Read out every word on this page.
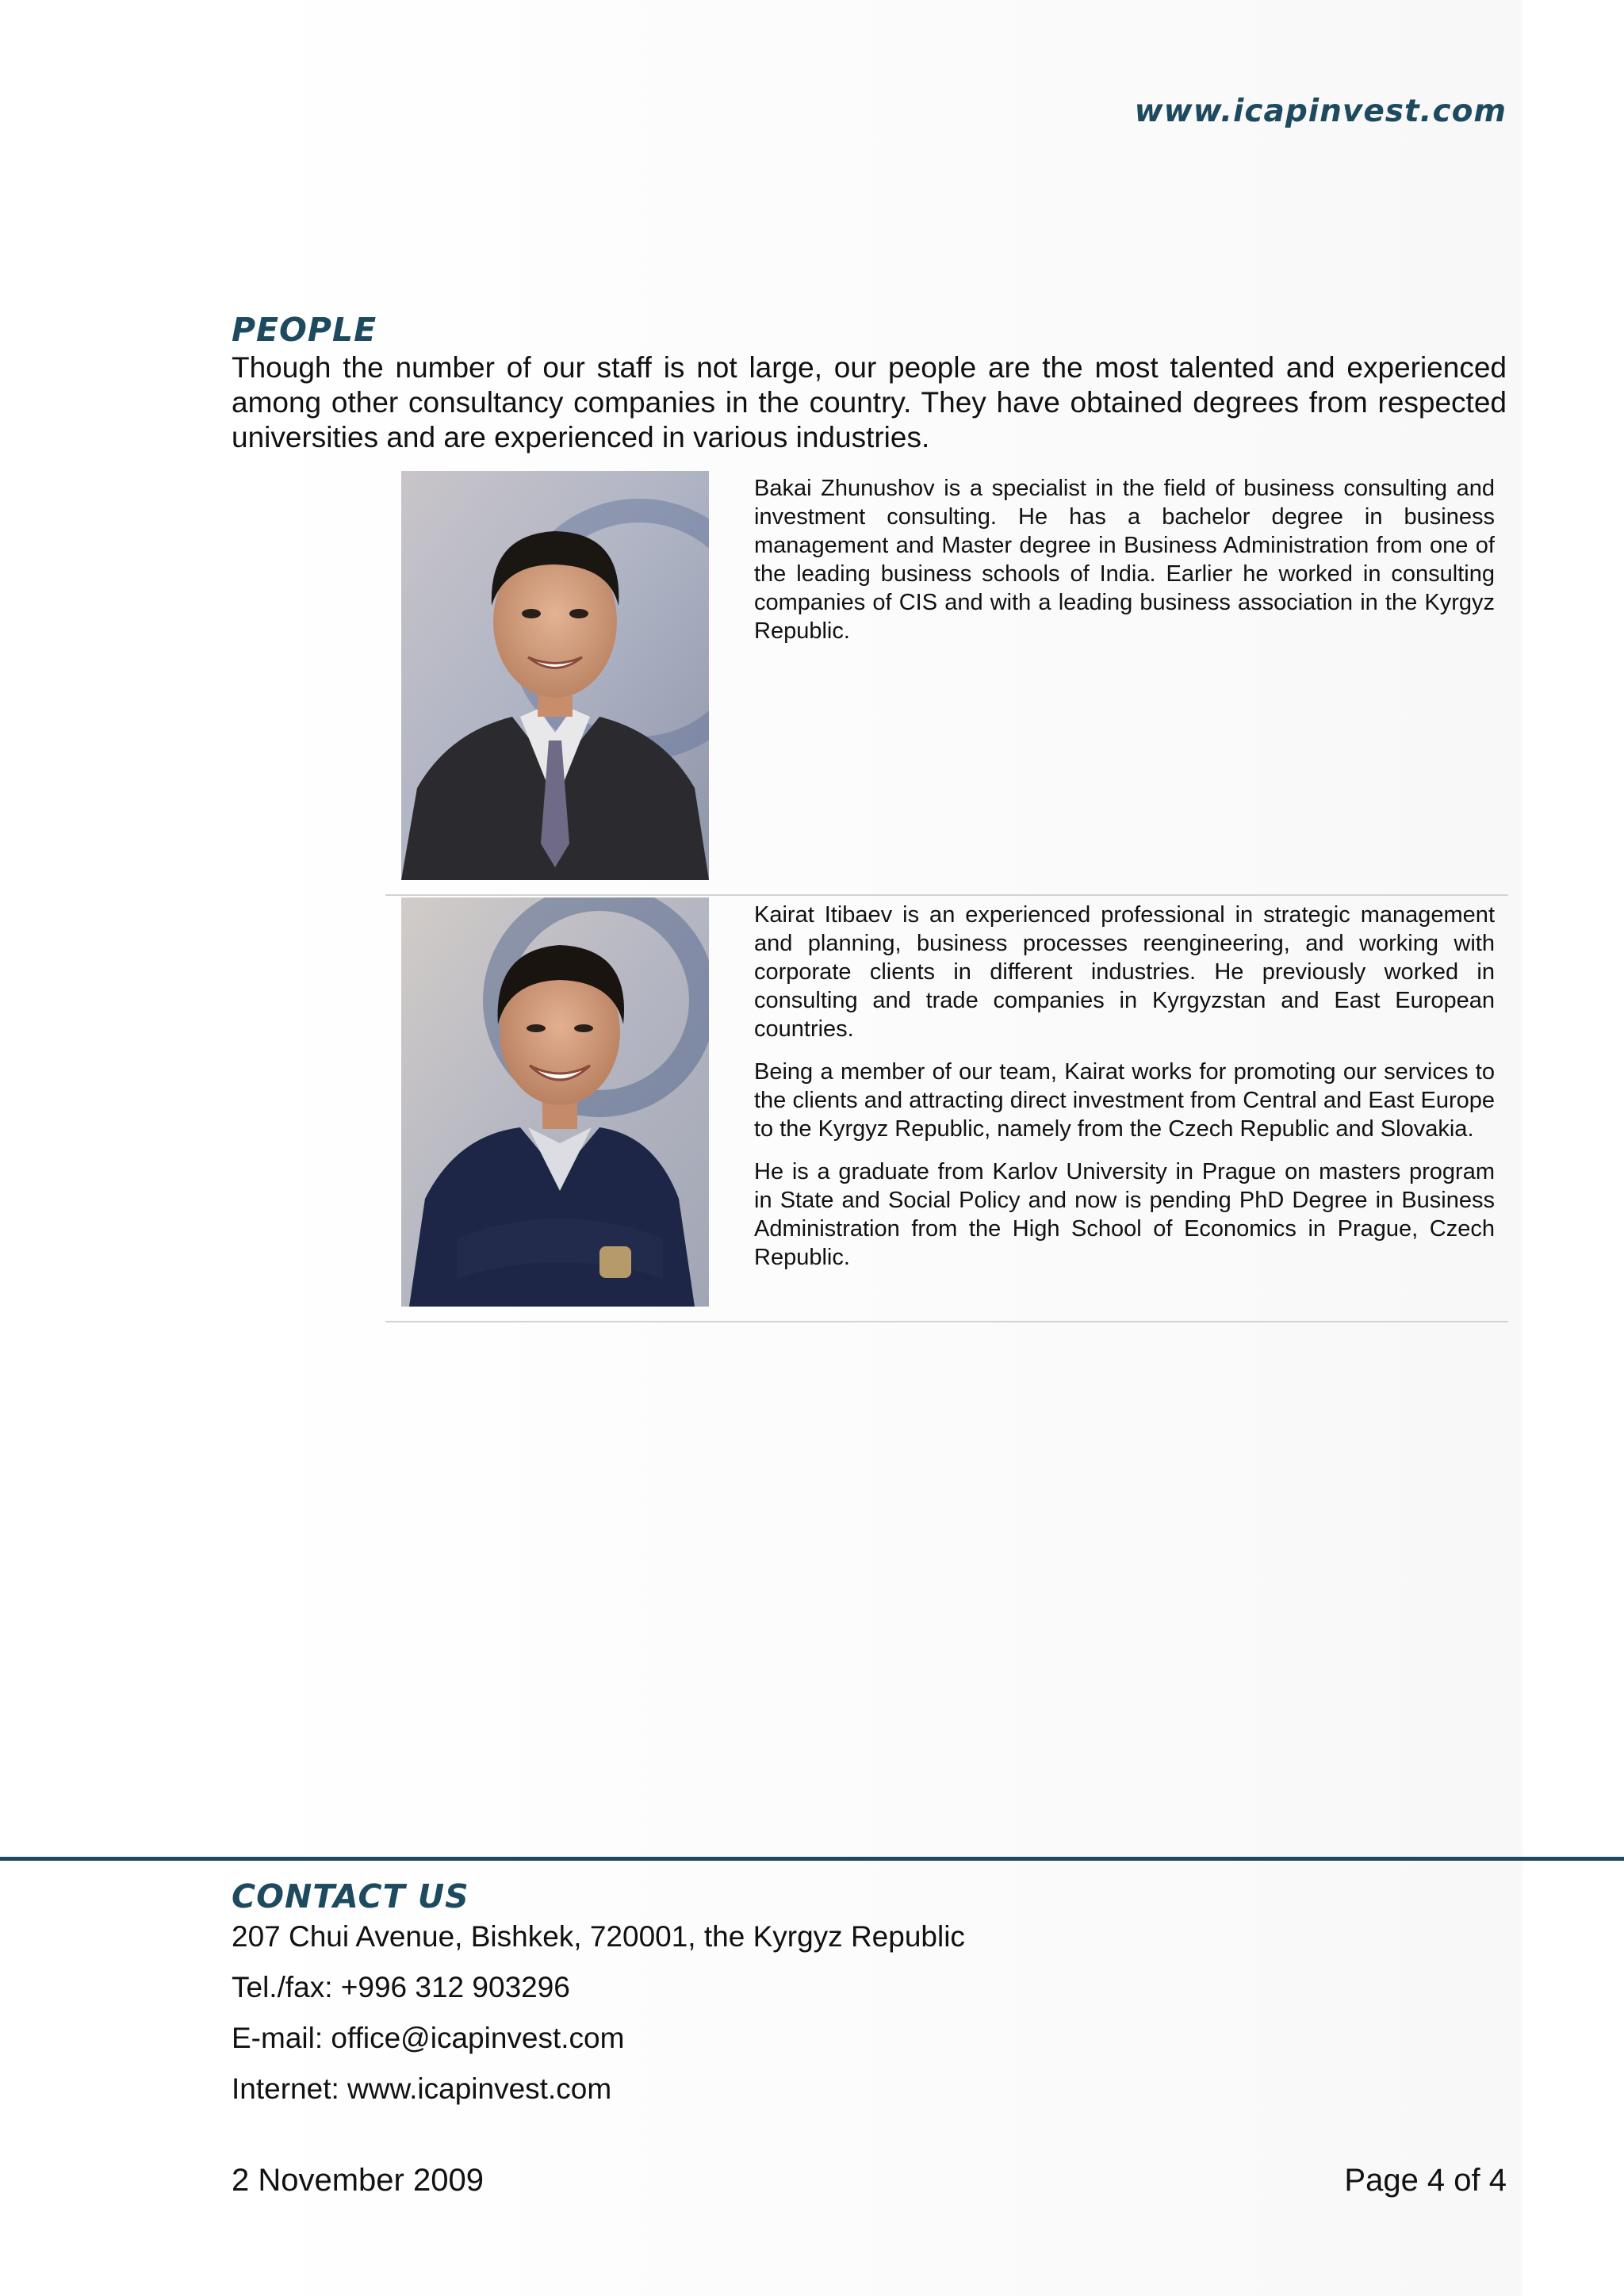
www.icapinvest.com
PEOPLE
Though the number of our staff is not large, our people are the most talented and experienced among other consultancy companies in the country. They have obtained degrees from respected universities and are experienced in various industries.

Bakai Zhunushov is a specialist in the field of business consulting and investment consulting. He has a bachelor degree in business management and Master degree in Business Administration from one of the leading business schools of India. Earlier he worked in consulting companies of CIS and with a leading business association in the Kyrgyz Republic.

Kairat Itibaev is an experienced professional in strategic management and planning, business processes reengineering, and working with corporate clients in different industries. He previously worked in consulting and trade companies in Kyrgyzstan and East European countries.

Being a member of our team, Kairat works for promoting our services to the clients and attracting direct investment from Central and East Europe to the Kyrgyz Republic, namely from the Czech Republic and Slovakia.

He is a graduate from Karlov University in Prague on masters program in State and Social Policy and now is pending PhD Degree in Business Administration from the High School of Economics in Prague, Czech Republic.

CONTACT US
207 Chui Avenue, Bishkek, 720001, the Kyrgyz Republic
Tel./fax: +996 312 903296
E-mail: office@icapinvest.com
Internet: www.icapinvest.com
2 November 2009	Page 4 of 4
